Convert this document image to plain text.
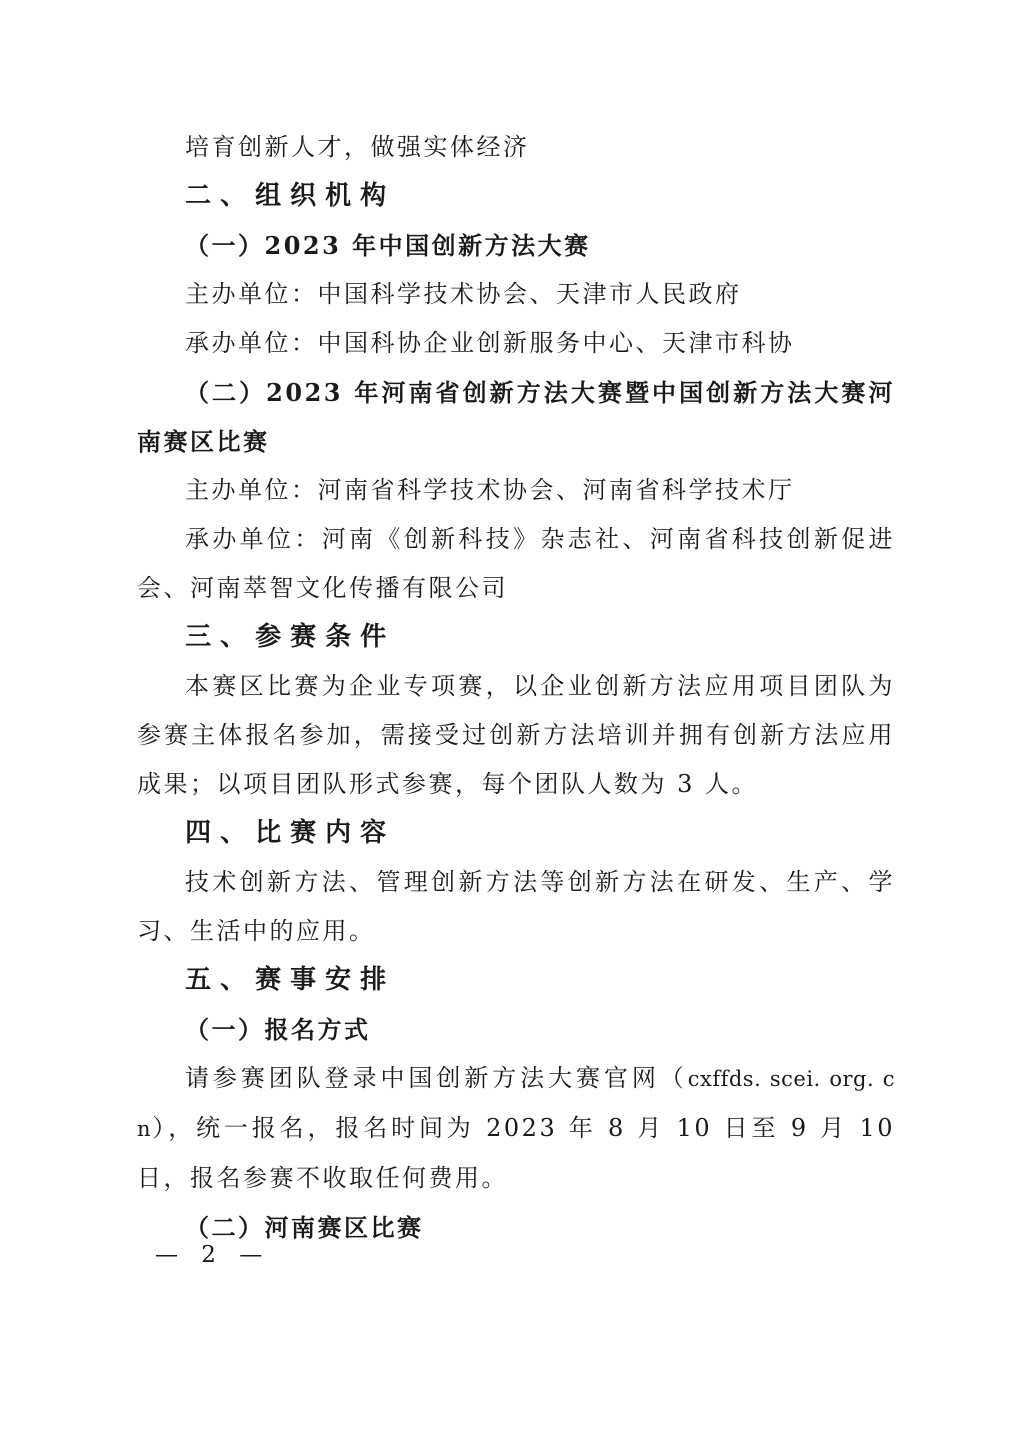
培育创新人才，做强实体经济

二、组织机构

（一）2023 年中国创新方法大赛

主办单位：中国科学技术协会、天津市人民政府

承办单位：中国科协企业创新服务中心、天津市科协

（二）2023 年河南省创新方法大赛暨中国创新方法大赛河南赛区比赛

主办单位：河南省科学技术协会、河南省科学技术厅

承办单位：河南《创新科技》杂志社、河南省科技创新促进会、河南萃智文化传播有限公司

三、参赛条件

本赛区比赛为企业专项赛，以企业创新方法应用项目团队为参赛主体报名参加，需接受过创新方法培训并拥有创新方法应用成果；以项目团队形式参赛，每个团队人数为 3 人。

四、比赛内容

技术创新方法、管理创新方法等创新方法在研发、生产、学习、生活中的应用。

五、赛事安排

（一）报名方式

请参赛团队登录中国创新方法大赛官网（cxffds. scei. org. cn），统一报名，报名时间为 2023 年 8 月 10 日至 9 月 10 日，报名参赛不收取任何费用。

（二）河南赛区比赛

— 2 —
